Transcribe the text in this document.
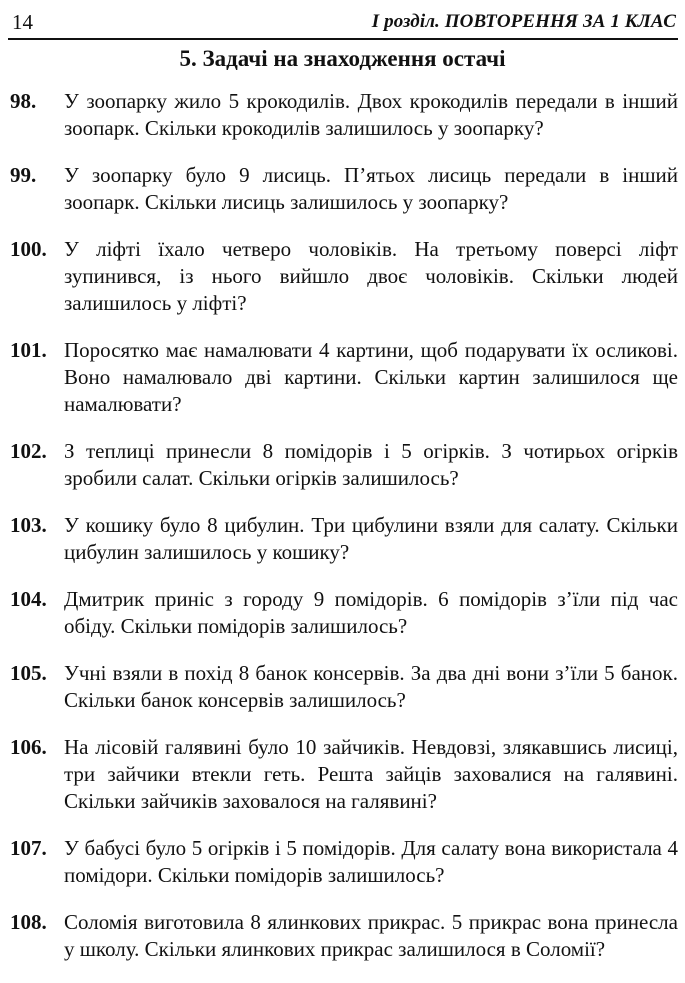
14	І розділ. ПОВТОРЕННЯ ЗА 1 КЛАС
5. Задачі на знаходження остачі
98.	У зоопарку жило 5 крокодилів. Двох крокодилів передали в інший зоопарк. Скільки крокодилів залишилось у зоопарку?
99.	У зоопарку було 9 лисиць. П’ятьох лисиць передали в інший зоопарк. Скільки лисиць залишилось у зоопарку?
100. У ліфті їхало четверо чоловіків. На третьому поверсі ліфт зупинився, із нього вийшло двоє чоловіків. Скільки людей залишилось у ліфті?
101. Поросятко має намалювати 4 картини, щоб подарувати їх осликові. Воно намалювало дві картини. Скільки картин залишилося ще намалювати?
102. З теплиці принесли 8 помідорів і 5 огірків. З чотирьох огірків зробили салат. Скільки огірків залишилось?
103. У кошику було 8 цибулин. Три цибулини взяли для салату. Скільки цибулин залишилось у кошику?
104. Дмитрик приніс з городу 9 помідорів. 6 помідорів з’їли під час обіду. Скільки помідорів залишилось?
105. Учні взяли в похід 8 банок консервів. За два дні вони з’їли 5 банок. Скільки банок консервів залишилось?
106. На лісовій галявині було 10 зайчиків. Невдовзі, злякавшись лисиці, три зайчики втекли геть. Решта зайців заховалися на галявині. Скільки зайчиків заховалося на галявині?
107. У бабусі було 5 огірків і 5 помідорів. Для салату вона використала 4 помідори. Скільки помідорів залишилось?
108. Соломія виготовила 8 ялинкових прикрас. 5 прикрас вона принесла у школу. Скільки ялинкових прикрас залишилося в Соломії?
